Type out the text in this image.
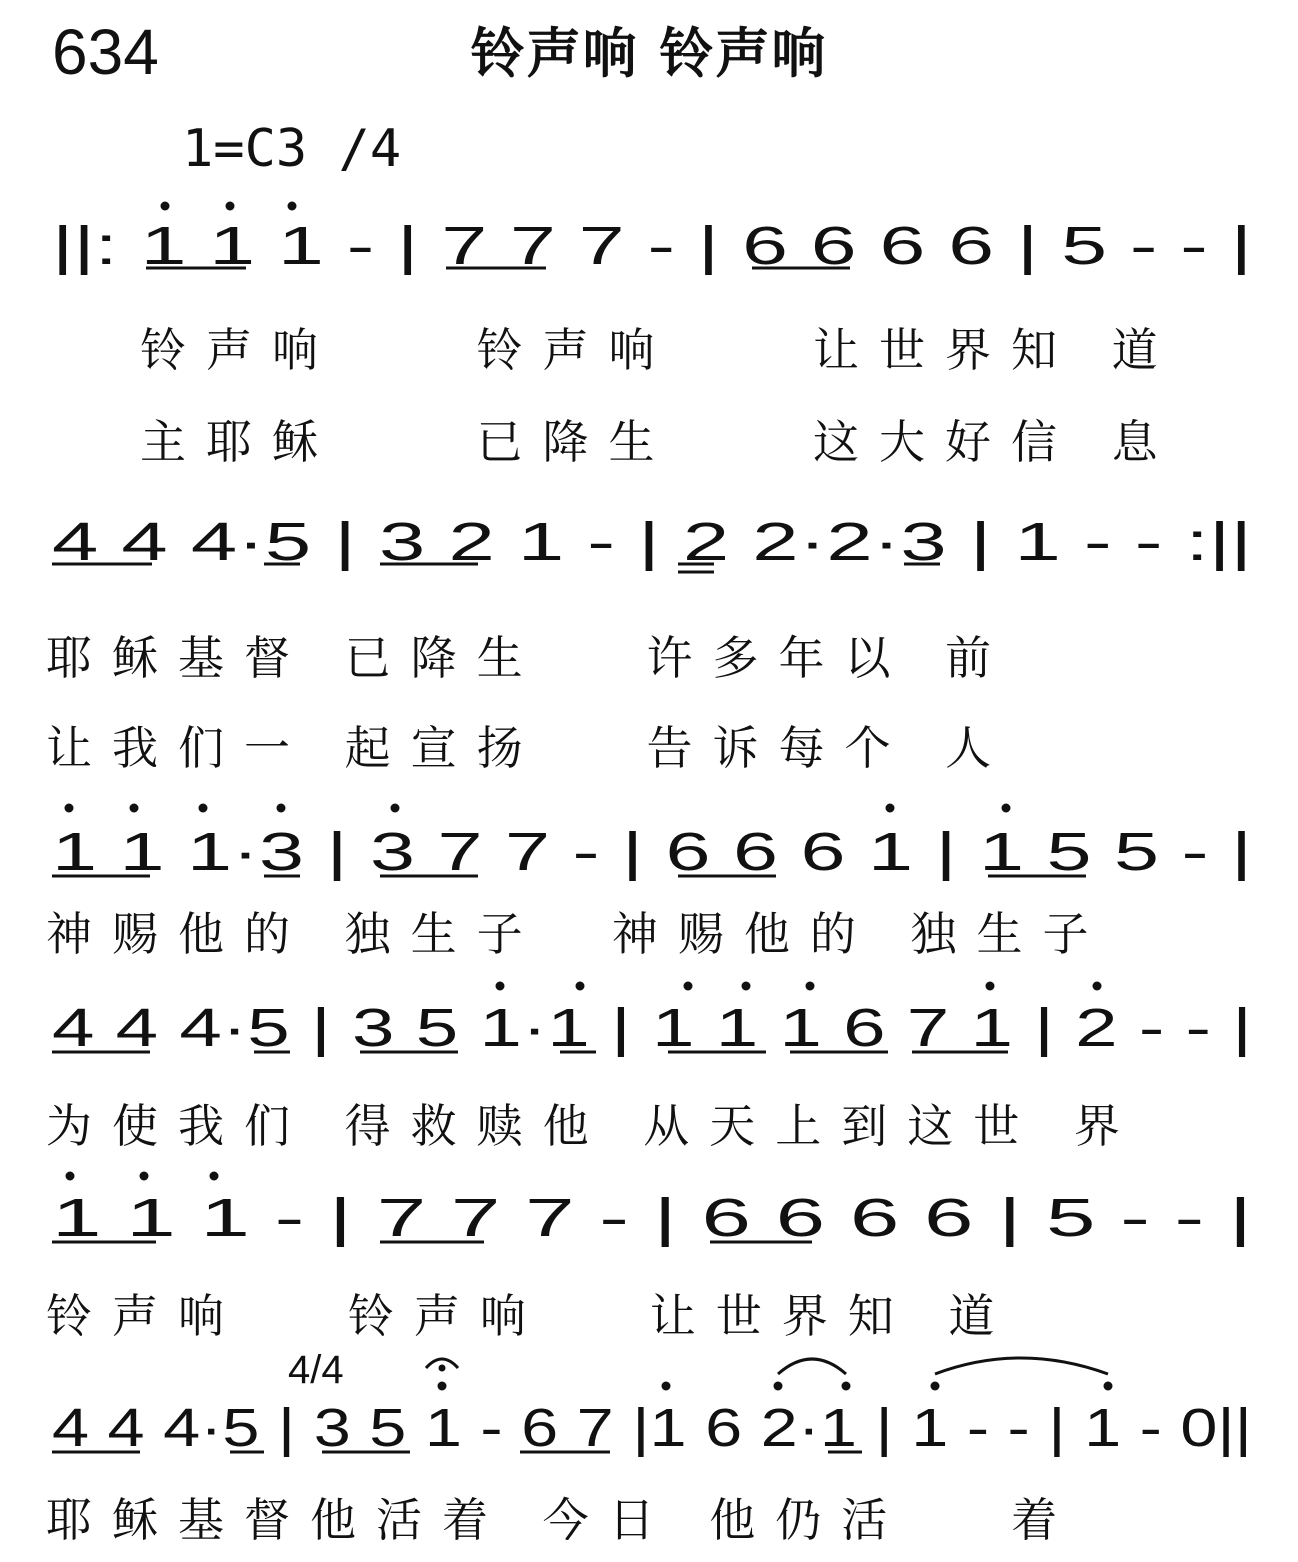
634	铃声响 铃声响
1=C3 /4
||: 1 1 1 - | 7 7 7 - | 6 6 6 6 | 5 - - |
铃声响    铃声响    让世界知 道
主耶稣    已降生    这大好信 息
4 4 4·5 | 3 2 1 - | 2 2·2·3 | 1 - - :||
耶稣基督 已降生   许多年以 前
让我们一 起宣扬   告诉每个 人
1 1 1·3 | 3 7 7 - | 6 6 6 1 | 1 5 5 - |
神赐他的 独生子  神赐他的 独生子
4 4 4·5 | 3 5 1·1 | 1 1 1 6 7 1 | 2 - - |
为使我们 得救赎他 从天上到这世 界
1 1 1 - | 7 7 7 - | 6 6 6 6 | 5 - - |
铃声响   铃声响   让世界知 道
4/4
4 4 4·5 | 3 5 1 - 6 7 |1 6 2·1 | 1 - - | 1 - 0||
耶稣基督他活着 今日 他仍活   着
